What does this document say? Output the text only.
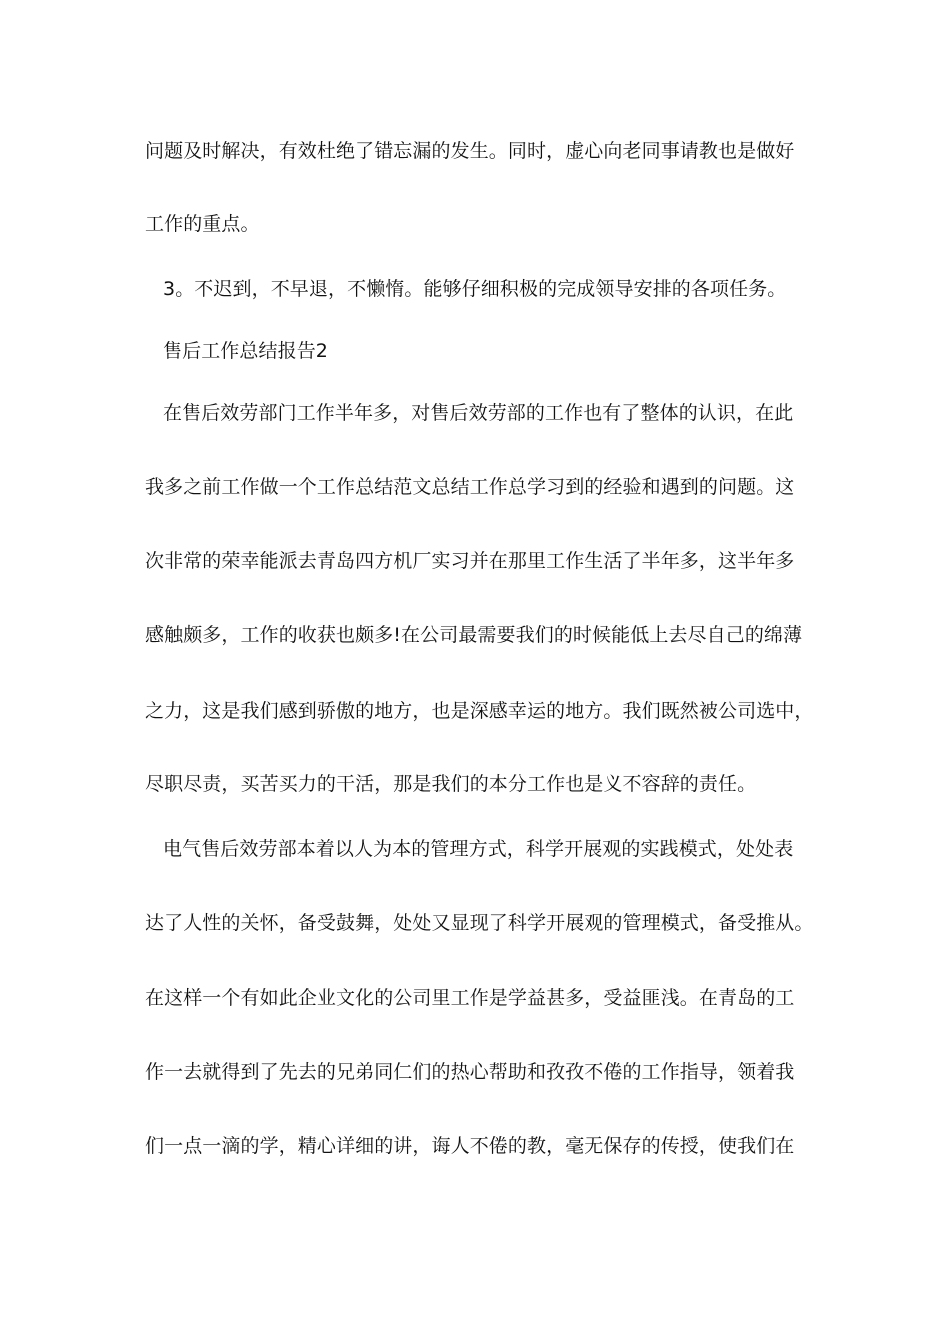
问题及时解决，有效杜绝了错忘漏的发生。同时，虚心向老同事请教也是做好
工作的重点。
3。不迟到，不早退，不懒惰。能够仔细积极的完成领导安排的各项任务。
售后工作总结报告2
在售后效劳部门工作半年多，对售后效劳部的工作也有了整体的认识，在此
我多之前工作做一个工作总结范文总结工作总学习到的经验和遇到的问题。这
次非常的荣幸能派去青岛四方机厂实习并在那里工作生活了半年多，这半年多
感触颇多，工作的收获也颇多!在公司最需要我们的时候能低上去尽自己的绵薄
之力，这是我们感到骄傲的地方，也是深感幸运的地方。我们既然被公司选中，
尽职尽责，买苦买力的干活，那是我们的本分工作也是义不容辞的责任。
电气售后效劳部本着以人为本的管理方式，科学开展观的实践模式，处处表
达了人性的关怀，备受鼓舞，处处又显现了科学开展观的管理模式，备受推从。
在这样一个有如此企业文化的公司里工作是学益甚多，受益匪浅。在青岛的工
作一去就得到了先去的兄弟同仁们的热心帮助和孜孜不倦的工作指导，领着我
们一点一滴的学，精心详细的讲，诲人不倦的教，毫无保存的传授，使我们在
